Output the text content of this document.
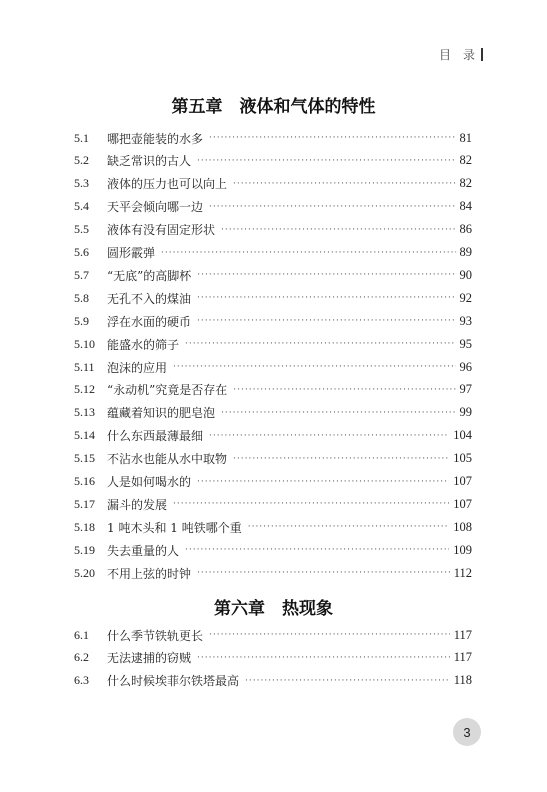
目　录
第五章　液体和气体的特性
5.1	哪把壶能装的水多 ·····	81
5.2	缺乏常识的古人 ·····	82
5.3	液体的压力也可以向上 ·····	82
5.4	天平会倾向哪一边 ·····	84
5.5	液体有没有固定形状 ·····	86
5.6	圆形霰弹 ·····	89
5.7	“无底”的高脚杯 ·····	90
5.8	无孔不入的煤油 ·····	92
5.9	浮在水面的硬币 ·····	93
5.10	能盛水的筛子 ·····	95
5.11	泡沫的应用 ·····	96
5.12	“永动机”究竟是否存在 ·····	97
5.13	蕴藏着知识的肥皂泡 ·····	99
5.14	什么东西最薄最细 ·····	104
5.15	不沾水也能从水中取物 ·····	105
5.16	人是如何喝水的 ·····	107
5.17	漏斗的发展 ·····	107
5.18	1 吨木头和 1 吨铁哪个重 ·····	108
5.19	失去重量的人 ·····	109
5.20	不用上弦的时钟 ·····	112
第六章　热现象
6.1	什么季节铁轨更长 ·····	117
6.2	无法逮捕的窃贼 ·····	117
6.3	什么时候埃菲尔铁塔最高 ·····	118
3
